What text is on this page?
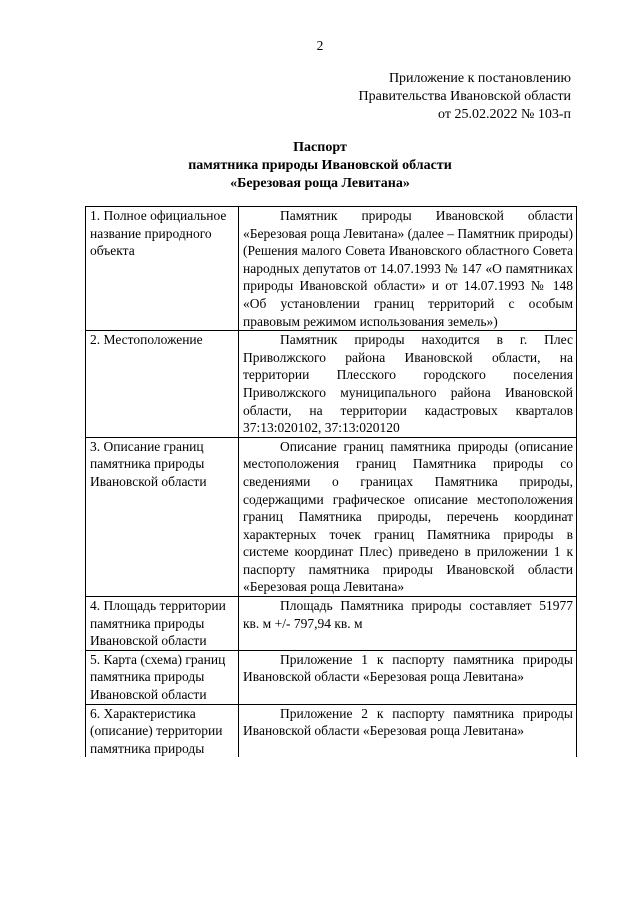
2
Приложение к постановлению
Правительства Ивановской области
от 25.02.2022 № 103-п
Паспорт
памятника природы Ивановской области
«Березовая роща Левитана»
1. Полное официальное название природного объекта	Памятник природы Ивановской области «Березовая роща Левитана» (далее – Памятник природы) (Решения малого Совета Ивановского областного Совета народных депутатов от 14.07.1993 № 147 «О памятниках природы Ивановской области» и от 14.07.1993 № 148 «Об установлении границ территорий с особым правовым режимом использования земель»)
2. Местоположение	Памятник природы находится в г. Плес Приволжского района Ивановской области, на территории Плесского городского поселения Приволжского муниципального района Ивановской области, на территории кадастровых кварталов 37:13:020102, 37:13:020120
3. Описание границ памятника природы Ивановской области	Описание границ памятника природы (описание местоположения границ Памятника природы со сведениями о границах Памятника природы, содержащими графическое описание местоположения границ Памятника природы, перечень координат характерных точек границ Памятника природы в системе координат Плес) приведено в приложении 1 к паспорту памятника природы Ивановской области «Березовая роща Левитана»
4. Площадь территории памятника природы Ивановской области	Площадь Памятника природы составляет 51977 кв. м +/- 797,94 кв. м
5. Карта (схема) границ памятника природы Ивановской области	Приложение 1 к паспорту памятника природы Ивановской области «Березовая роща Левитана»
6. Характеристика (описание) территории памятника природы	Приложение 2 к паспорту памятника природы Ивановской области «Березовая роща Левитана»
